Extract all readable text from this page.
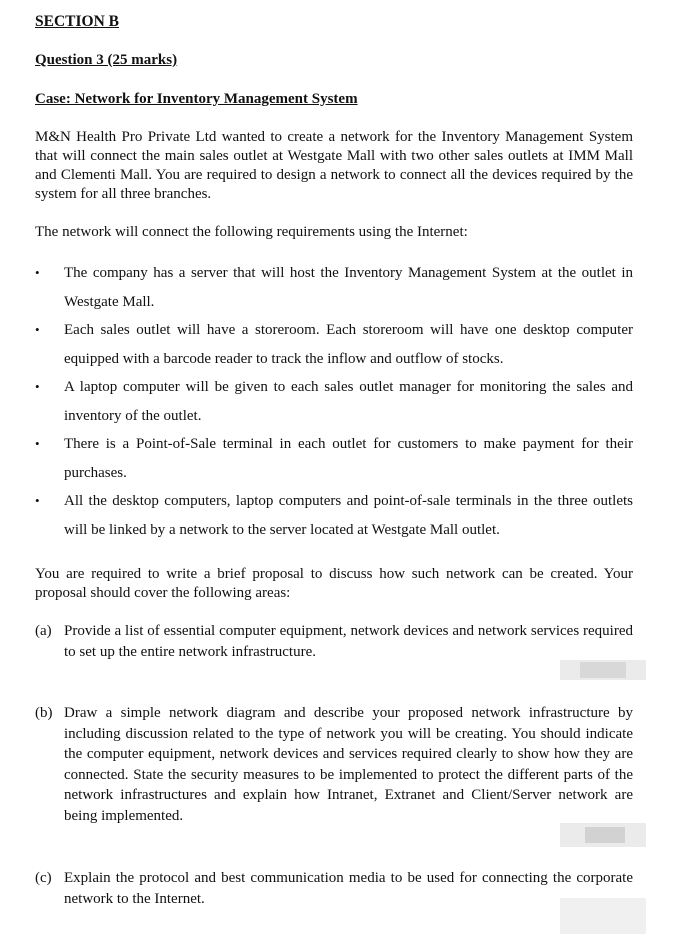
SECTION B
Question 3 (25 marks)
Case: Network for Inventory Management System

M&N Health Pro Private Ltd wanted to create a network for the Inventory Management System that will connect the main sales outlet at Westgate Mall with two other sales outlets at IMM Mall and Clementi Mall. You are required to design a network to connect all the devices required by the system for all three branches.

The network will connect the following requirements using the Internet:

• The company has a server that will host the Inventory Management System at the outlet in Westgate Mall.
• Each sales outlet will have a storeroom. Each storeroom will have one desktop computer equipped with a barcode reader to track the inflow and outflow of stocks.
• A laptop computer will be given to each sales outlet manager for monitoring the sales and inventory of the outlet.
• There is a Point-of-Sale terminal in each outlet for customers to make payment for their purchases.
• All the desktop computers, laptop computers and point-of-sale terminals in the three outlets will be linked by a network to the server located at Westgate Mall outlet.

You are required to write a brief proposal to discuss how such network can be created. Your proposal should cover the following areas:

(a) Provide a list of essential computer equipment, network devices and network services required to set up the entire network infrastructure.
(b) Draw a simple network diagram and describe your proposed network infrastructure by including discussion related to the type of network you will be creating. You should indicate the computer equipment, network devices and services required clearly to show how they are connected. State the security measures to be implemented to protect the different parts of the network infrastructures and explain how Intranet, Extranet and Client/Server network are being implemented.
(c) Explain the protocol and best communication media to be used for connecting the corporate network to the Internet.
